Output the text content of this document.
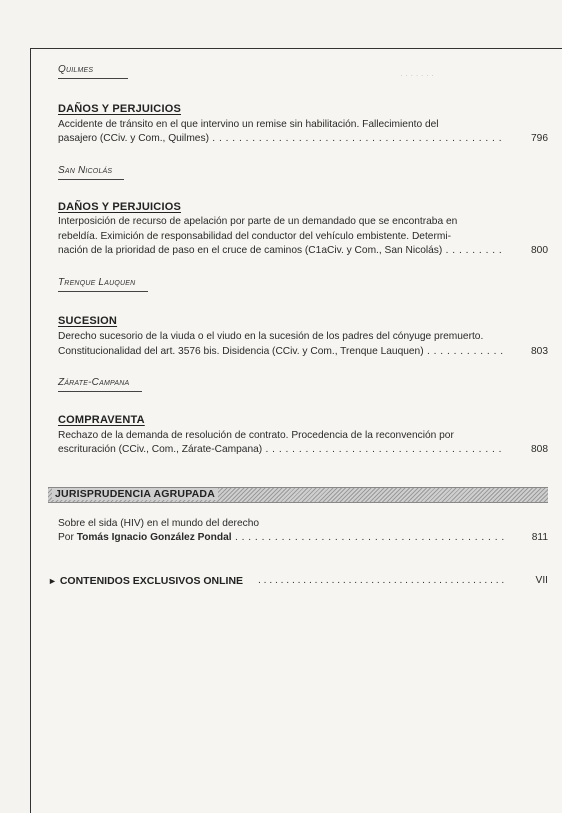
· · · · · · ·
Quilmes
DAÑOS Y PERJUICIOS
Accidente de tránsito en el que intervino un remise sin habilitación. Fallecimiento del
pasajero (CCiv. y Com., Quilmes) . . .	796
San Nicolás
DAÑOS Y PERJUICIOS
Interposición de recurso de apelación por parte de un demandado que se encontraba en
rebeldía. Eximición de responsabilidad del conductor del vehículo embistente. Determi-
nación de la prioridad de paso en el cruce de caminos (C1aCiv. y Com., San Nicolás) . . .	800
Trenque Lauquen
SUCESION
Derecho sucesorio de la viuda o el viudo en la sucesión de los padres del cónyuge premuerto.
Constitucionalidad del art. 3576 bis. Disidencia (CCiv. y Com., Trenque Lauquen) . . .	803
Zárate-Campana
COMPRAVENTA
Rechazo de la demanda de resolución de contrato. Procedencia de la reconvención por
escrituración (CCiv., Com., Zárate-Campana) . . .	808
JURISPRUDENCIA AGRUPADA
Sobre el sida (HIV) en el mundo del derecho
Por Tomás Ignacio González Pondal . . .	811
► CONTENIDOS EXCLUSIVOS ONLINE . . .	VII
